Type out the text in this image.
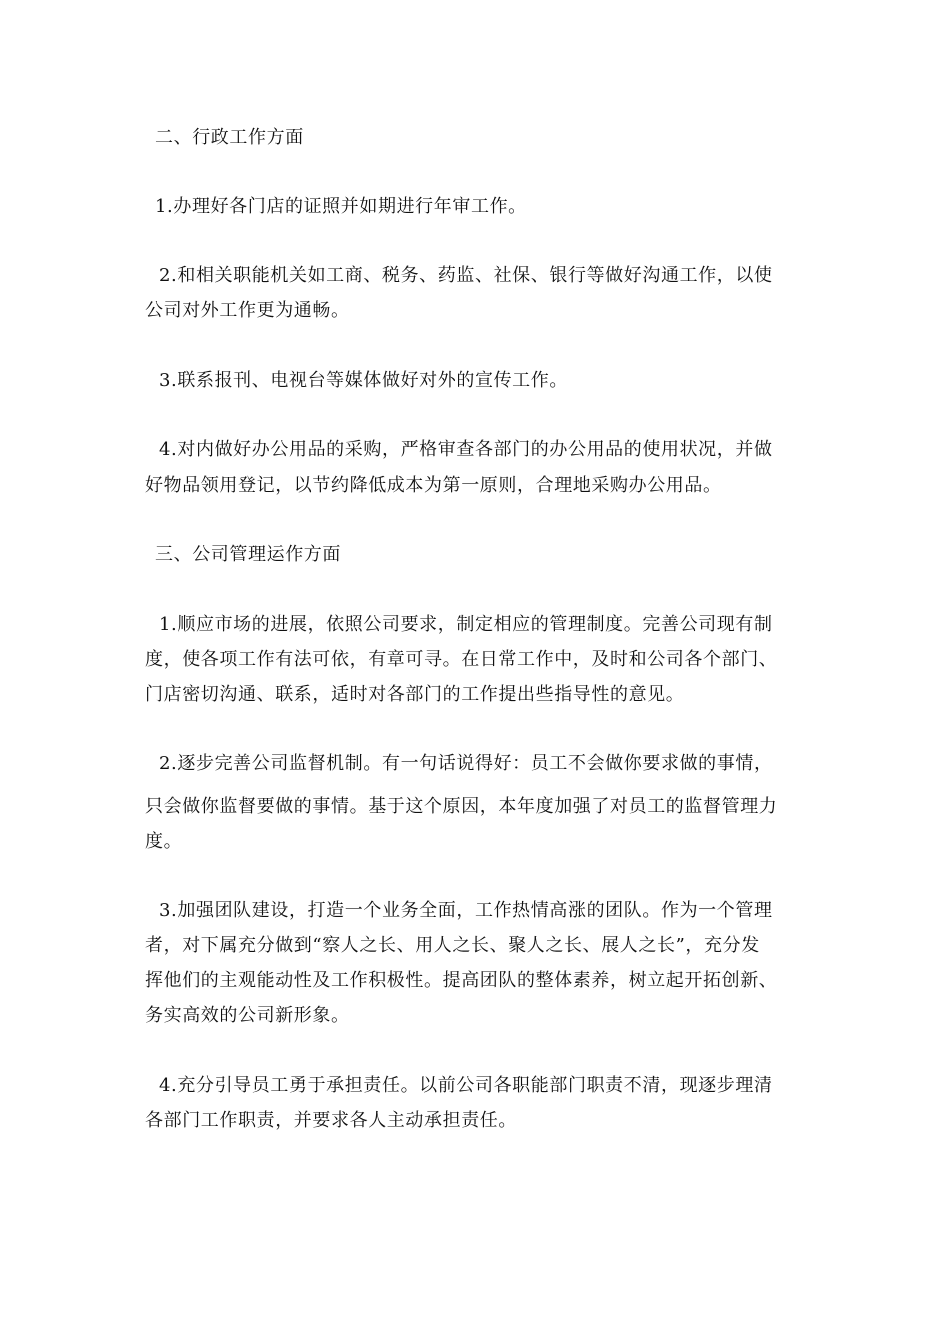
二、行政工作方面
1.办理好各门店的证照并如期进行年审工作。
2.和相关职能机关如工商、税务、药监、社保、银行等做好沟通工作，以使
公司对外工作更为通畅。
3.联系报刊、电视台等媒体做好对外的宣传工作。
4.对内做好办公用品的采购，严格审查各部门的办公用品的使用状况，并做
好物品领用登记，以节约降低成本为第一原则，合理地采购办公用品。
三、公司管理运作方面
1.顺应市场的进展，依照公司要求，制定相应的管理制度。完善公司现有制
度，使各项工作有法可依，有章可寻。在日常工作中，及时和公司各个部门、
门店密切沟通、联系，适时对各部门的工作提出些指导性的意见。
2.逐步完善公司监督机制。有一句话说得好：员工不会做你要求做的事情，
只会做你监督要做的事情。基于这个原因，本年度加强了对员工的监督管理力
度。
3.加强团队建设，打造一个业务全面，工作热情高涨的团队。作为一个管理
者，对下属充分做到“察人之长、用人之长、聚人之长、展人之长”，充分发
挥他们的主观能动性及工作积极性。提高团队的整体素养，树立起开拓创新、
务实高效的公司新形象。
4.充分引导员工勇于承担责任。以前公司各职能部门职责不清，现逐步理清
各部门工作职责，并要求各人主动承担责任。
